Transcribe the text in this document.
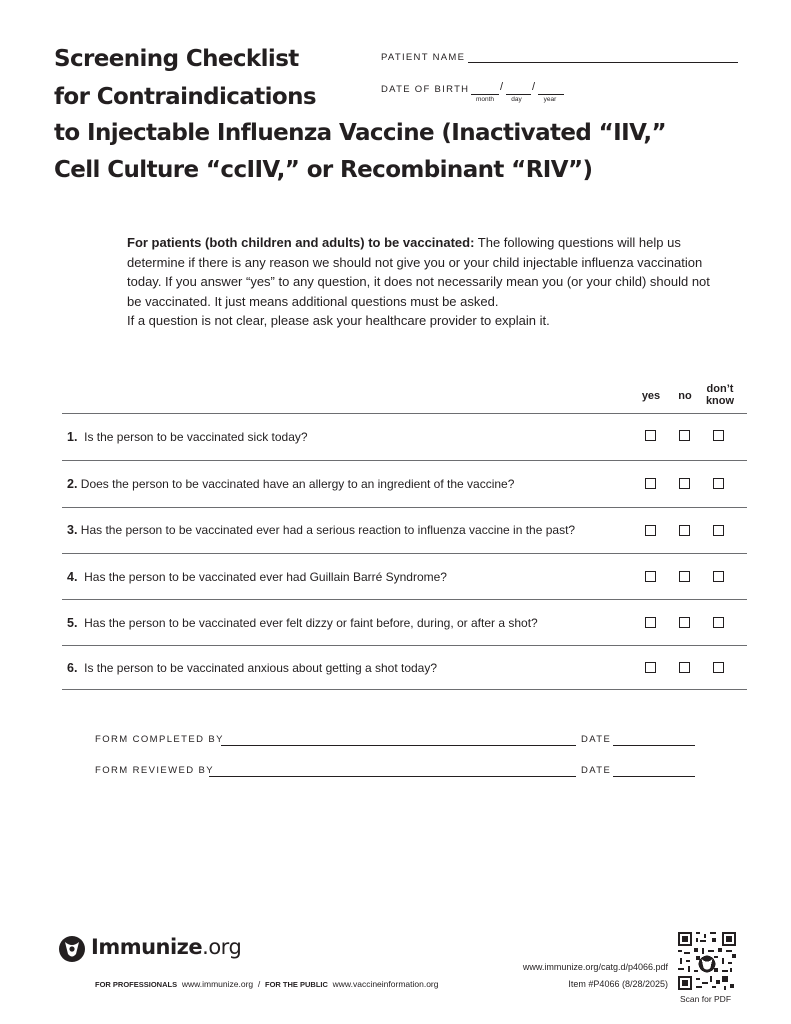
Screening Checklist
for Contraindications
to Injectable Influenza Vaccine (Inactivated “IIV,”
Cell Culture “ccIIV,” or Recombinant “RIV”)
PATIENT NAME
DATE OF BIRTH	/	/
month	day	year
For patients (both children and adults) to be vaccinated: The following questions will help us determine if there is any reason we should not give you or your child injectable influenza vaccination today. If you answer “yes” to any question, it does not necessarily mean you (or your child) should not be vaccinated. It just means additional questions must be asked.
If a question is not clear, please ask your healthcare provider to explain it.
yes	no
don’t
know
1. Is the person to be vaccinated sick today?
2. Does the person to be vaccinated have an allergy to an ingredient of the vaccine?
3. Has the person to be vaccinated ever had a serious reaction to influenza vaccine in the past?
4. Has the person to be vaccinated ever had Guillain Barré Syndrome?
5. Has the person to be vaccinated ever felt dizzy or faint before, during, or after a shot?
6. Is the person to be vaccinated anxious about getting a shot today?
FORM COMPLETED BY	DATE
FORM REVIEWED BY	DATE
Immunize.org
FOR PROFESSIONALS www.immunize.org / FOR THE PUBLIC www.vaccineinformation.org
www.immunize.org/catg.d/p4066.pdf
Item #P4066 (8/28/2025)
Scan for PDF
